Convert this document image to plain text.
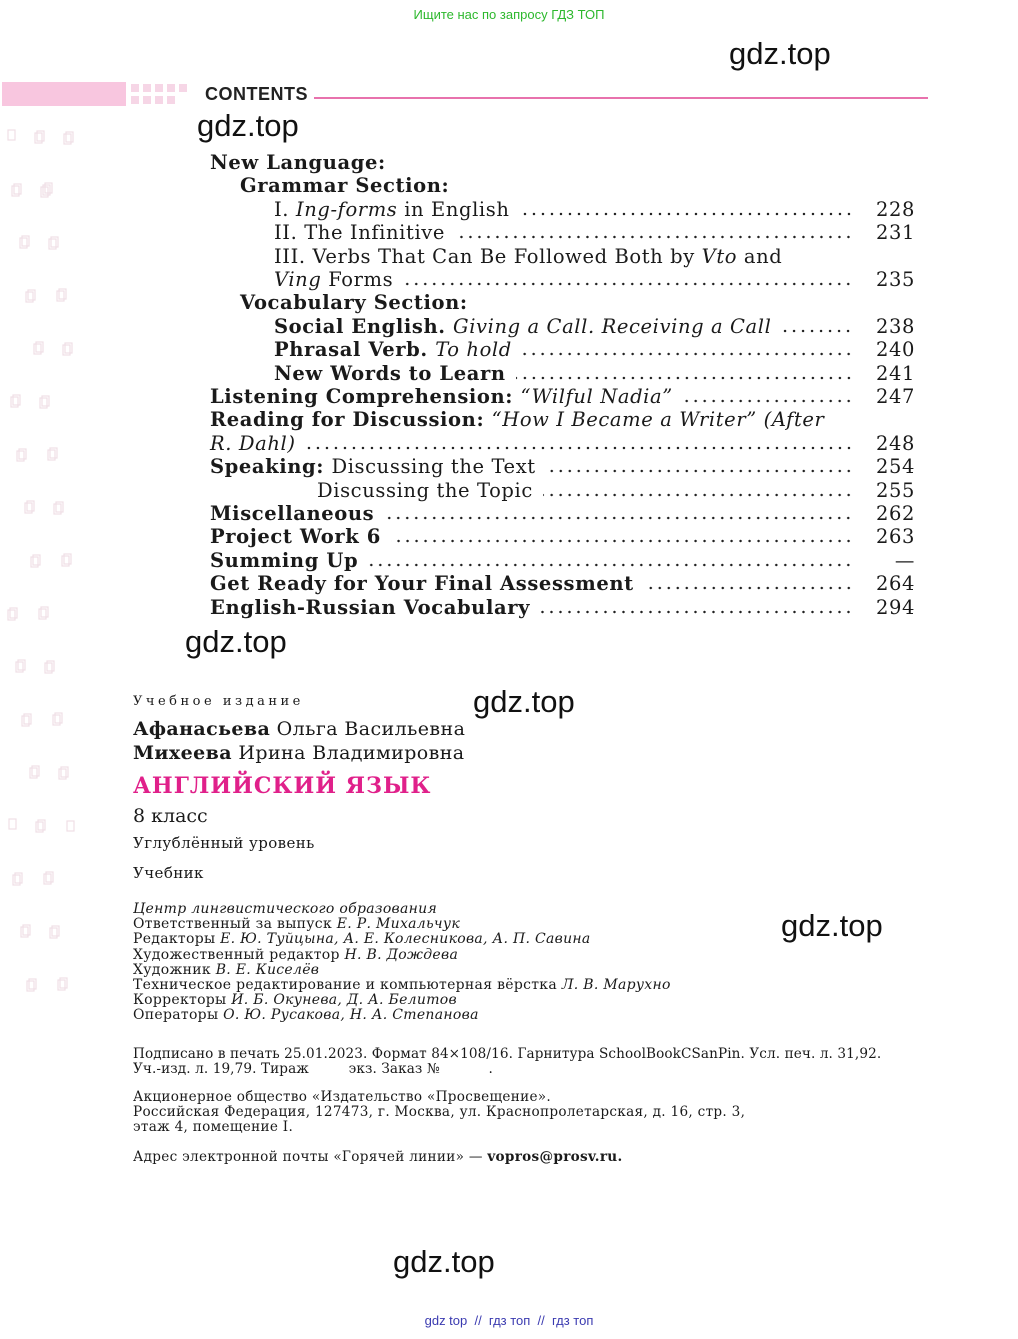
Ищите нас по запросу ГДЗ ТОП
CONTENTS
gdz.top
gdz.top
gdz.top
gdz.top
gdz.top
gdz.top
New Language:
Grammar Section:
I. Ing-forms in English	228
II. The Infinitive	231
III. Verbs That Can Be Followed Both by Vto and
Ving Forms	235
Vocabulary Section:
Social English. Giving a Call. Receiving a Call	238
Phrasal Verb. To hold	240
New Words to Learn	241
Listening Comprehension: “Wilful Nadia”	247
Reading for Discussion: “How I Became a Writer” (After
R. Dahl)	248
Speaking: Discussing the Text	254
Discussing the Topic	255
Miscellaneous	262
Project Work 6	263
Summing Up	—
Get Ready for Your Final Assessment	264
English-Russian Vocabulary	294
Учебное издание
Афанасьева Ольга Васильевна
Михеева Ирина Владимировна
АНГЛИЙСКИЙ ЯЗЫК
8 класс
Углублённый уровень
Учебник
Центр лингвистического образования
Ответственный за выпуск Е. Р. Михальчук
Редакторы Е. Ю. Туйцына, А. Е. Колесникова, А. П. Савина
Художественный редактор Н. В. Дождева
Художник В. Е. Киселёв
Техническое редактирование и компьютерная вёрстка Л. В. Марухно
Корректоры И. Б. Окунева, Д. А. Белитов
Операторы О. Ю. Русакова, Н. А. Степанова
Подписано в печать 25.01.2023. Формат 84×108/16. Гарнитура SchoolBookCSanPin. Усл. печ. л. 31,92.
Уч.-изд. л. 19,79. Тираж         экз. Заказ №           .
Акционерное общество «Издательство «Просвещение».
Российская Федерация, 127473, г. Москва, ул. Краснопролетарская, д. 16, стр. 3,
этаж 4, помещение I.
Адрес электронной почты «Горячей линии» — vopros@prosv.ru.
gdz top  //  гдз топ  //  гдз топ
